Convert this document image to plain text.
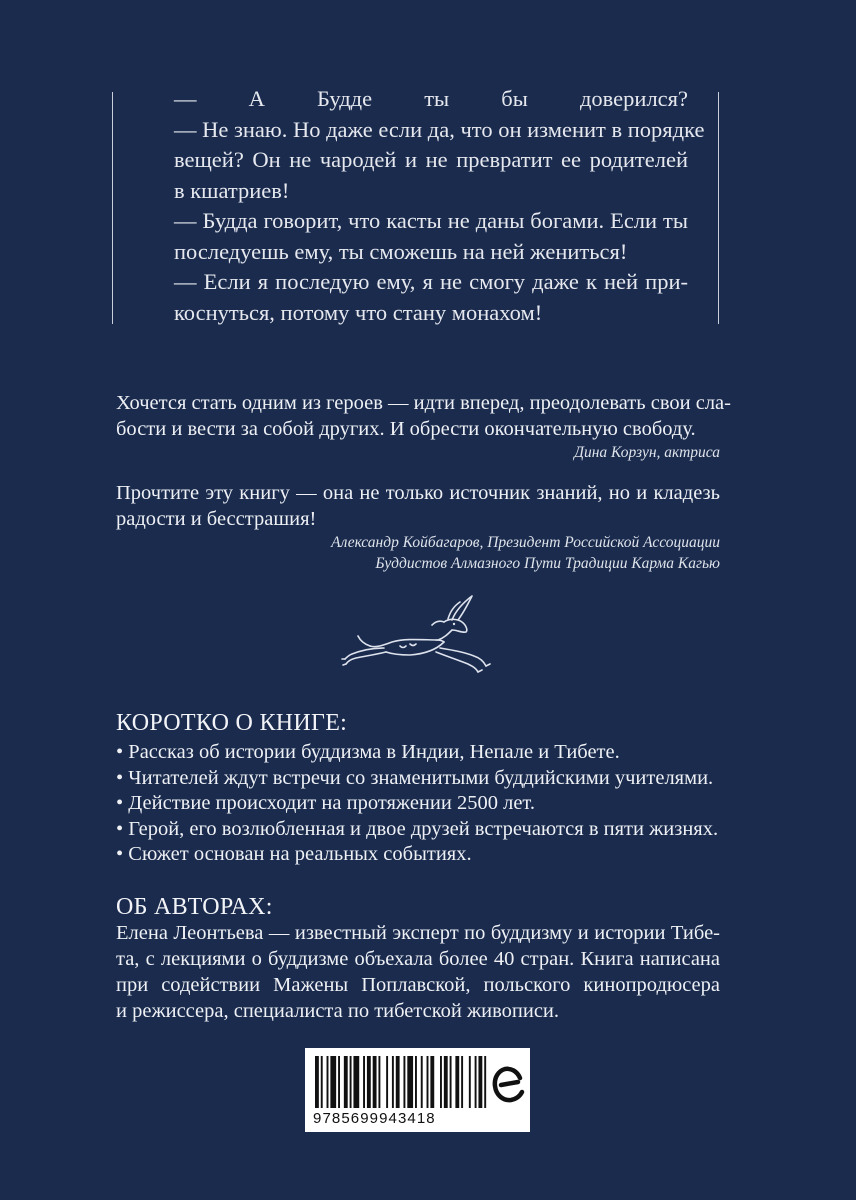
— А Будде ты бы доверился?
— Не знаю. Но даже если да, что он изменит в порядке
вещей? Он не чародей и не превратит ее родителей
в кшатриев!
— Будда говорит, что касты не даны богами. Если ты
последуешь ему, ты сможешь на ней жениться!
— Если я последую ему, я не смогу даже к ней при-
коснуться, потому что стану монахом!
Хочется стать одним из героев — идти вперед, преодолевать свои сла-
бости и вести за собой других. И обрести окончательную свободу.
Дина Корзун, актриса
Прочтите эту книгу — она не только источник знаний, но и кладезь
радости и бесстрашия!
Александр Койбагаров, Президент Российской Ассоциации
Буддистов Алмазного Пути Традиции Карма Кагью
КОРОТКО О КНИГЕ:
• Рассказ об истории буддизма в Индии, Непале и Тибете.
• Читателей ждут встречи со знаменитыми буддийскими учителями.
• Действие происходит на протяжении 2500 лет.
• Герой, его возлюбленная и двое друзей встречаются в пяти жизнях.
• Сюжет основан на реальных событиях.
ОБ АВТОРАХ:
Елена Леонтьева — известный эксперт по буддизму и истории Тибе-
та, с лекциями о буддизме объехала более 40 стран. Книга написана
при содействии Мажены Поплавской, польского кинопродюсера
и режиссера, специалиста по тибетской живописи.
9785699943418
